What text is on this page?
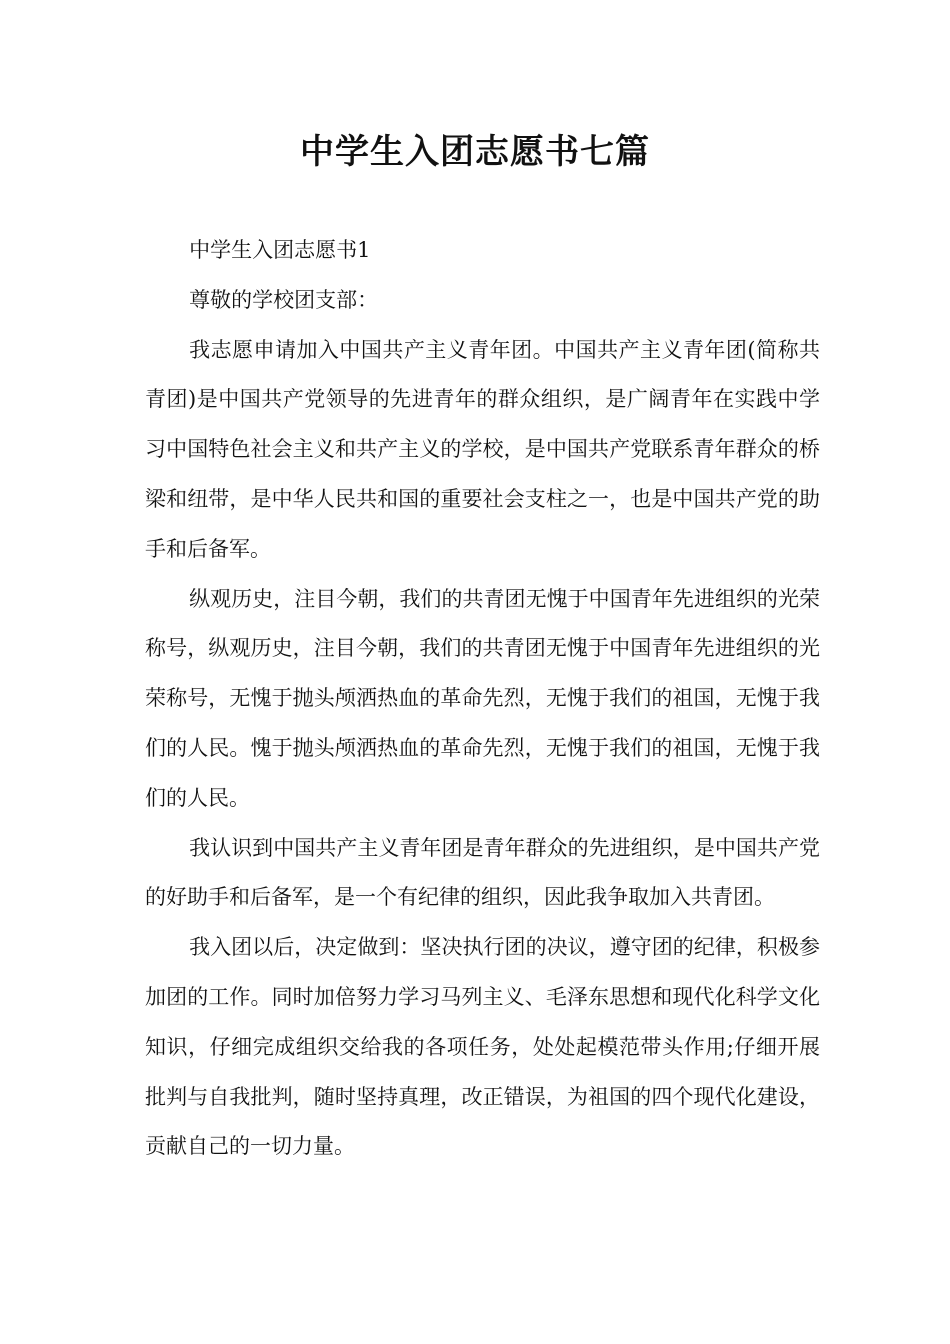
中学生入团志愿书七篇

中学生入团志愿书1

尊敬的学校团支部：

我志愿申请加入中国共产主义青年团。中国共产主义青年团(简称共青团)是中国共产党领导的先进青年的群众组织，是广阔青年在实践中学习中国特色社会主义和共产主义的学校，是中国共产党联系青年群众的桥梁和纽带，是中华人民共和国的重要社会支柱之一，也是中国共产党的助手和后备军。

纵观历史，注目今朝，我们的共青团无愧于中国青年先进组织的光荣称号，纵观历史，注目今朝，我们的共青团无愧于中国青年先进组织的光荣称号，无愧于抛头颅洒热血的革命先烈，无愧于我们的祖国，无愧于我们的人民。愧于抛头颅洒热血的革命先烈，无愧于我们的祖国，无愧于我们的人民。

我认识到中国共产主义青年团是青年群众的先进组织，是中国共产党的好助手和后备军，是一个有纪律的组织，因此我争取加入共青团。

我入团以后，决定做到：坚决执行团的决议，遵守团的纪律，积极参加团的工作。同时加倍努力学习马列主义、毛泽东思想和现代化科学文化知识，仔细完成组织交给我的各项任务，处处起模范带头作用;仔细开展批判与自我批判，随时坚持真理，改正错误，为祖国的四个现代化建设，贡献自己的一切力量。
